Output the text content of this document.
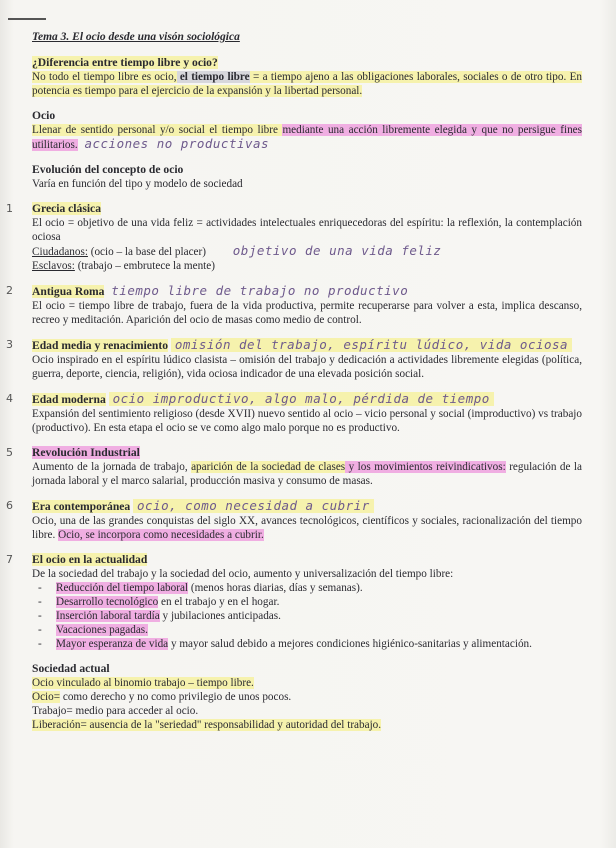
Tema 3. El ocio desde una visón sociológica
¿Diferencia entre tiempo libre y ocio?
No todo el tiempo libre es ocio, el tiempo libre = a tiempo ajeno a las obligaciones laborales, sociales o de otro tipo. En potencia es tiempo para el ejercicio de la expansión y la libertad personal.
Ocio
Llenar de sentido personal y/o social el tiempo libre mediante una acción libremente elegida y que no persigue fines utilitarios. acciones no productivas
Evolución del concepto de ocio
Varía en función del tipo y modelo de sociedad
1 Grecia clásica
El ocio = objetivo de una vida feliz = actividades intelectuales enriquecedoras del espíritu: la reflexión, la contemplación ociosa
Ciudadanos: (ocio – la base del placer) objetivo de una vida feliz
Esclavos: (trabajo – embrutece la mente)
2 Antigua Roma tiempo libre de trabajo no productivo
El ocio = tiempo libre de trabajo, fuera de la vida productiva, permite recuperarse para volver a esta, implica descanso, recreo y meditación. Aparición del ocio de masas como medio de control.
3 Edad media y renacimiento omisión del trabajo, espíritu lúdico, vida ociosa
Ocio inspirado en el espíritu lúdico clasista – omisión del trabajo y dedicación a actividades libremente elegidas (política, guerra, deporte, ciencia, religión), vida ociosa indicador de una elevada posición social.
4 Edad moderna ocio improductivo, algo malo, pérdida de tiempo
Expansión del sentimiento religioso (desde XVII) nuevo sentido al ocio – vicio personal y social (improductivo) vs trabajo (productivo). En esta etapa el ocio se ve como algo malo porque no es productivo.
5 Revolución Industrial
Aumento de la jornada de trabajo, aparición de la sociedad de clases y los movimientos reivindicativos: regulación de la jornada laboral y el marco salarial, producción masiva y consumo de masas.
6 Era contemporánea ocio, como necesidad a cubrir
Ocio, una de las grandes conquistas del siglo XX, avances tecnológicos, científicos y sociales, racionalización del tiempo libre. Ocio, se incorpora como necesidades a cubrir.
7 El ocio en la actualidad
De la sociedad del trabajo y la sociedad del ocio, aumento y universalización del tiempo libre:
- Reducción del tiempo laboral (menos horas diarias, días y semanas).
- Desarrollo tecnológico en el trabajo y en el hogar.
- Inserción laboral tardía y jubilaciones anticipadas.
- Vacaciones pagadas.
- Mayor esperanza de vida y mayor salud debido a mejores condiciones higiénico-sanitarias y alimentación.
Sociedad actual
Ocio vinculado al binomio trabajo – tiempo libre.
Ocio= como derecho y no como privilegio de unos pocos.
Trabajo= medio para acceder al ocio.
Liberación= ausencia de la "seriedad" responsabilidad y autoridad del trabajo.
